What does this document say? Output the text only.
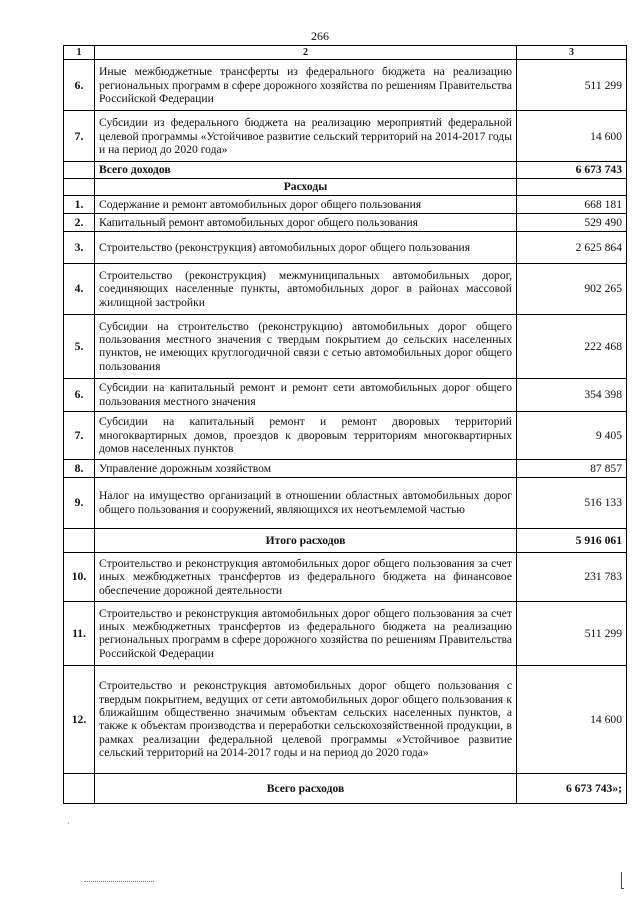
266
1	2	3
6.	Иные межбюджетные трансферты из федерального бюджета на реализацию региональных программ в сфере дорожного хозяйства по решениям Правительства Российской Федерации	511 299
7.	Субсидии из федерального бюджета на реализацию мероприятий федеральной целевой программы «Устойчивое развитие сельский территорий на 2014-2017 годы и на период до 2020 года»	14 600
	Всего доходов	6 673 743
	Расходы	
1.	Содержание и ремонт автомобильных дорог общего пользования	668 181
2.	Капитальный ремонт автомобильных дорог общего пользования	529 490
3.	Строительство (реконструкция) автомобильных дорог общего пользования	2 625 864
4.	Строительство (реконструкция) межмуниципальных автомобильных дорог, соединяющих населенные пункты, автомобильных дорог в районах массовой жилищной застройки	902 265
5.	Субсидии на строительство (реконструкцию) автомобильных дорог общего пользования местного значения с твердым покрытием до сельских населенных пунктов, не имеющих круглогодичной связи с сетью автомобильных дорог общего пользования	222 468
6.	Субсидии на капитальный ремонт и ремонт сети автомобильных дорог общего пользования местного значения	354 398
7.	Субсидии на капитальный ремонт и ремонт дворовых территорий многоквартирных домов, проездов к дворовым территориям многоквартирных домов населенных пунктов	9 405
8.	Управление дорожным хозяйством	87 857
9.	Налог на имущество организаций в отношении областных автомобильных дорог общего пользования и сооружений, являющихся их неотъемлемой частью	516 133
	Итого расходов	5 916 061
10.	Строительство и реконструкция автомобильных дорог общего пользования за счет иных межбюджетных трансфертов из федерального бюджета на финансовое обеспечение дорожной деятельности	231 783
11.	Строительство и реконструкция автомобильных дорог общего пользования за счет иных межбюджетных трансфертов из федерального бюджета на реализацию региональных программ в сфере дорожного хозяйства по решениям Правительства Российской Федерации	511 299
12.	Строительство и реконструкция автомобильных дорог общего пользования с твердым покрытием, ведущих от сети автомобильных дорог общего пользования к ближайшим общественно значимым объектам сельских населенных пунктов, а также к объектам производства и переработки сельскохозяйственной продукции, в рамках реализации федеральной целевой программы «Устойчивое развитие сельский территорий на 2014-2017 годы и на период до 2020 года»	14 600
	Всего расходов	6 673 743»;
·
